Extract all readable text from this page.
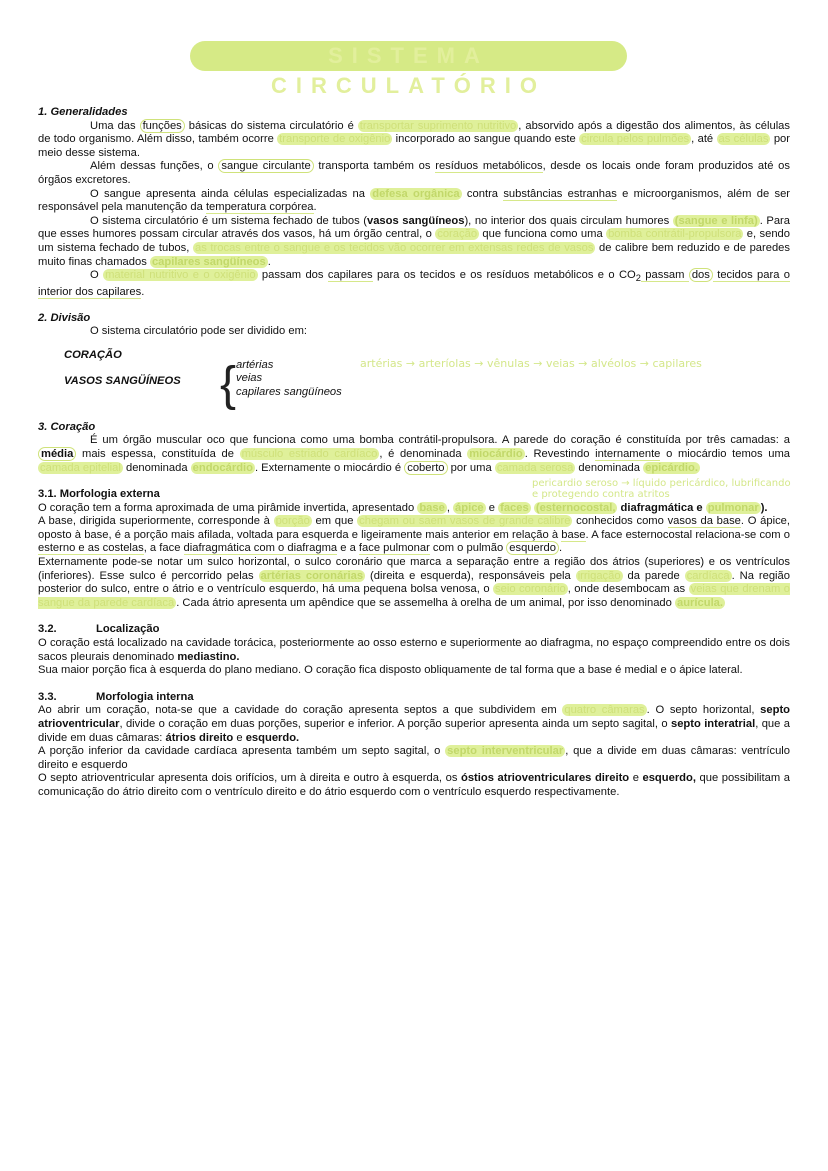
SISTEMA CIRCULATÓRIO
1. Generalidades

Uma das funções básicas do sistema circulatório é transportar suprimento nutritivo , absorvido após a digestão dos alimentos, às células de todo organismo. Além disso, também ocorre transporte de oxigênio incorporado ao sangue quando este circula pelos pulmões , até as células por meio desse sistema.

Além dessas funções, o sangue circulante transporta também os resíduos metabólicos, desde os locais onde foram produzidos até os órgãos excretores.

O sangue apresenta ainda células especializadas na defesa orgânica contra substâncias estranhas e microorganismos, além de ser responsável pela manutenção da temperatura corpórea.

O sistema circulatório é um sistema fechado de tubos (vasos sangüíneos), no interior dos quais circulam humores (sangue e linfa) . Para que esses humores possam circular através dos vasos, há um órgão central, o coração que funciona como uma bomba contrátil-propulsora e, sendo um sistema fechado de tubos, as trocas entre o sangue e os tecidos vão ocorrer em extensas redes de vasos de calibre bem reduzido e de paredes muito finas chamados capilares sangüíneos .

O material nutritivo e o oxigênio passam dos capilares para os tecidos e os resíduos metabólicos e o $CO_2$ passam dos tecidos para o interior dos capilares.

2. Divisão

O sistema circulatório pode ser dividido em:

CORAÇÃO
VASOS SANGÜÍNEOS { artérias
veias
capilares sangüíneos
artérias → arteríolas → vênulas → veias → alvéolos → capilares
3. Coração

É um órgão muscular oco que funciona como uma bomba contrátil-propulsora. A parede do coração é constituída por três camadas: a média mais espessa, constituída de músculo estriado cardíaco , é denominada miocárdio . Revestindo internamente o miocárdio temos uma camada epitelial denominada endocárdio . Externamente o miocárdio é coberto por uma camada serosa denominada epicárdio.

3.1. Morfologia externa

O coração tem a forma aproximada de uma pirâmide invertida, apresentado base , ápice e faces (esternocostal, diafragmática e pulmonar ).

A base, dirigida superiormente, corresponde à porção em que chegam ou saem vasos de grande calibre conhecidos como vasos da base. O ápice, oposto à base, é a porção mais afilada, voltada para esquerda e ligeiramente mais anterior em relação à base. A face esternocostal relaciona-se com o esterno e as costelas, a face diafragmática com o diafragma e a face pulmonar com o pulmão esquerdo .

Externamente pode-se notar um sulco horizontal, o sulco coronário que marca a separação entre a região dos átrios (superiores) e os ventrículos (inferiores). Esse sulco é percorrido pelas artérias coronárias (direita e esquerda), responsáveis pela irrigação da parede cardíaca . Na região posterior do sulco, entre o átrio e o ventrículo esquerdo, há uma pequena bolsa venosa, o seio coronário , onde desembocam as veias que drenam o sangue da parede cardíaca . Cada átrio apresenta um apêndice que se assemelha à orelha de um animal, por isso denominado aurícula.

3.2.	Localização

O coração está localizado na cavidade torácica, posteriormente ao osso esterno e superiormente ao diafragma, no espaço compreendido entre os dois sacos pleurais denominado mediastino.

Sua maior porção fica à esquerda do plano mediano. O coração fica disposto obliquamente de tal forma que a base é medial e o ápice lateral.

3.3.	Morfologia interna

Ao abrir um coração, nota-se que a cavidade do coração apresenta septos a que subdividem em quatro câmaras . O septo horizontal, septo atrioventricular, divide o coração em duas porções, superior e inferior. A porção superior apresenta ainda um septo sagital, o septo interatrial, que a divide em duas câmaras: átrios direito e esquerdo.

A porção inferior da cavidade cardíaca apresenta também um septo sagital, o septo interventricular , que a divide em duas câmaras: ventrículo direito e esquerdo

O septo atrioventricular apresenta dois orifícios, um à direita e outro à esquerda, os óstios atrioventriculares direito e esquerdo, que possibilitam a comunicação do átrio direito com o ventrículo direito e do átrio esquerdo com o ventrículo esquerdo respectivamente.

pericardio seroso → líquido pericárdico, lubrificando
e protegendo contra atritos
